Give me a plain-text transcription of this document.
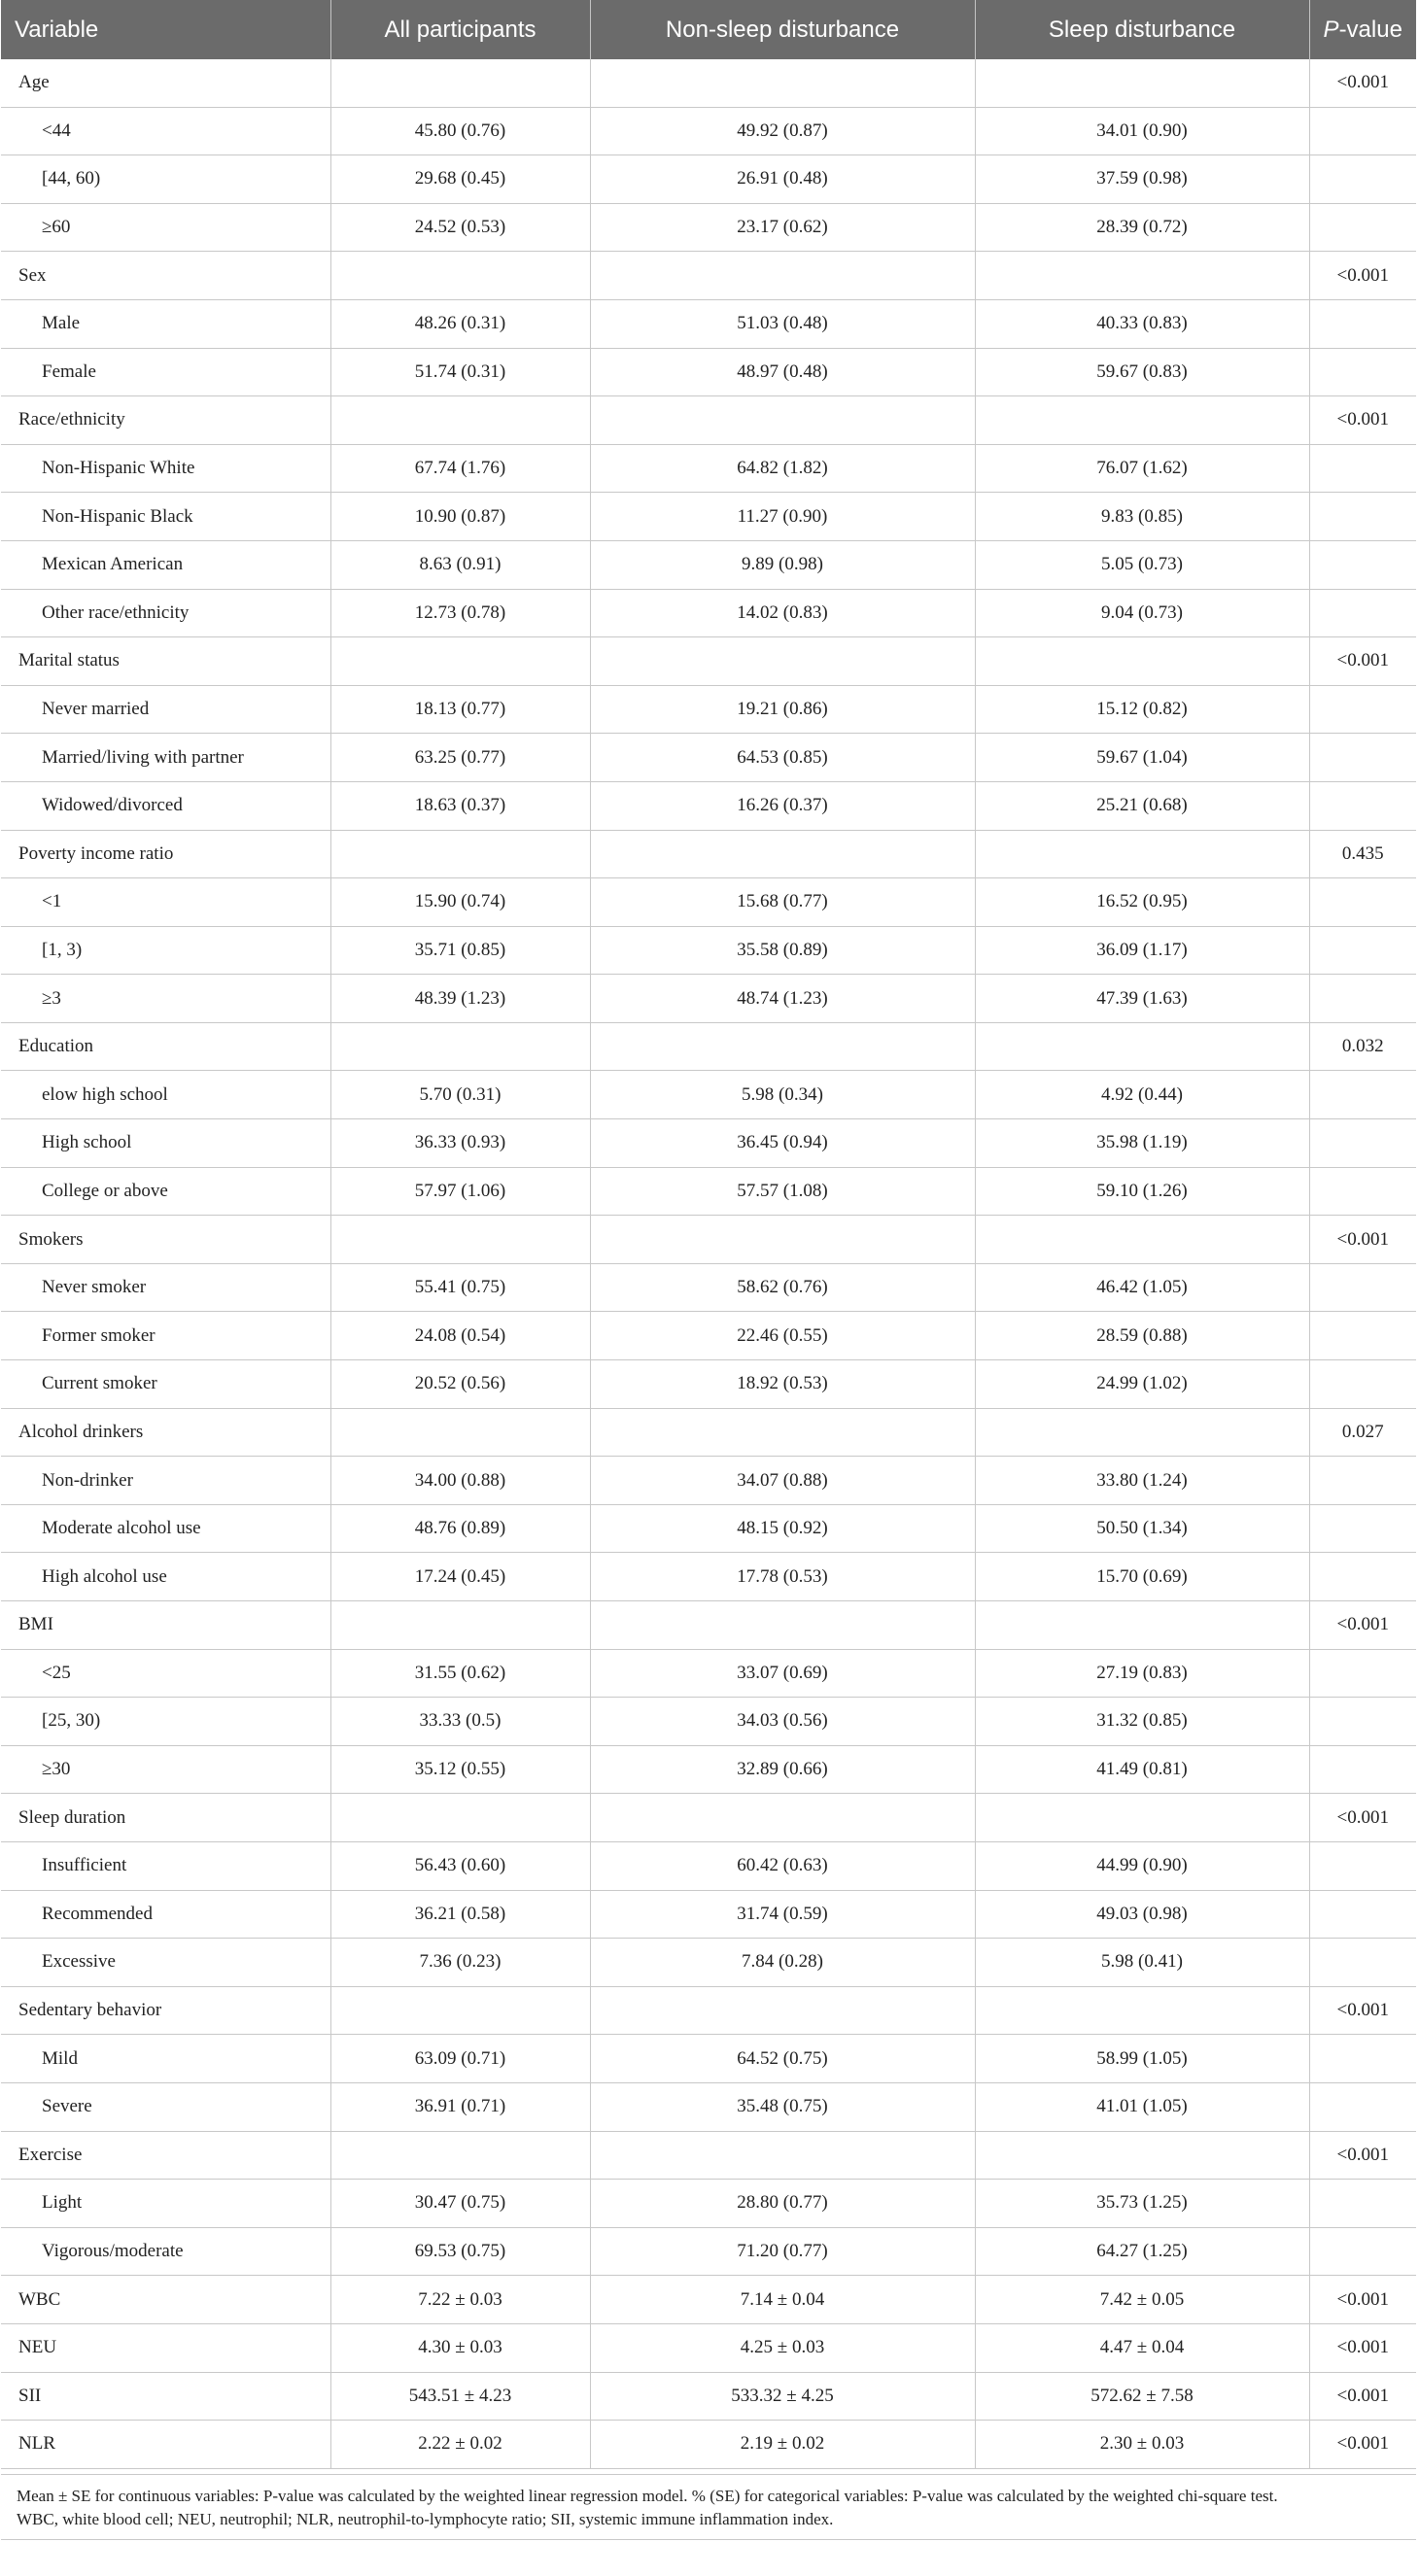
Variable	All participants	Non-sleep disturbance	Sleep disturbance	P-value
Age				<0.001
<44	45.80 (0.76)	49.92 (0.87)	34.01 (0.90)	
[44, 60)	29.68 (0.45)	26.91 (0.48)	37.59 (0.98)	
≥60	24.52 (0.53)	23.17 (0.62)	28.39 (0.72)	
Sex				<0.001
Male	48.26 (0.31)	51.03 (0.48)	40.33 (0.83)	
Female	51.74 (0.31)	48.97 (0.48)	59.67 (0.83)	
Race/ethnicity				<0.001
Non-Hispanic White	67.74 (1.76)	64.82 (1.82)	76.07 (1.62)	
Non-Hispanic Black	10.90 (0.87)	11.27 (0.90)	9.83 (0.85)	
Mexican American	8.63 (0.91)	9.89 (0.98)	5.05 (0.73)	
Other race/ethnicity	12.73 (0.78)	14.02 (0.83)	9.04 (0.73)	
Marital status				<0.001
Never married	18.13 (0.77)	19.21 (0.86)	15.12 (0.82)	
Married/living with partner	63.25 (0.77)	64.53 (0.85)	59.67 (1.04)	
Widowed/divorced	18.63 (0.37)	16.26 (0.37)	25.21 (0.68)	
Poverty income ratio				0.435
<1	15.90 (0.74)	15.68 (0.77)	16.52 (0.95)	
[1, 3)	35.71 (0.85)	35.58 (0.89)	36.09 (1.17)	
≥3	48.39 (1.23)	48.74 (1.23)	47.39 (1.63)	
Education				0.032
elow high school	5.70 (0.31)	5.98 (0.34)	4.92 (0.44)	
High school	36.33 (0.93)	36.45 (0.94)	35.98 (1.19)	
College or above	57.97 (1.06)	57.57 (1.08)	59.10 (1.26)	
Smokers				<0.001
Never smoker	55.41 (0.75)	58.62 (0.76)	46.42 (1.05)	
Former smoker	24.08 (0.54)	22.46 (0.55)	28.59 (0.88)	
Current smoker	20.52 (0.56)	18.92 (0.53)	24.99 (1.02)	
Alcohol drinkers				0.027
Non-drinker	34.00 (0.88)	34.07 (0.88)	33.80 (1.24)	
Moderate alcohol use	48.76 (0.89)	48.15 (0.92)	50.50 (1.34)	
High alcohol use	17.24 (0.45)	17.78 (0.53)	15.70 (0.69)	
BMI				<0.001
<25	31.55 (0.62)	33.07 (0.69)	27.19 (0.83)	
[25, 30)	33.33 (0.5)	34.03 (0.56)	31.32 (0.85)	
≥30	35.12 (0.55)	32.89 (0.66)	41.49 (0.81)	
Sleep duration				<0.001
Insufficient	56.43 (0.60)	60.42 (0.63)	44.99 (0.90)	
Recommended	36.21 (0.58)	31.74 (0.59)	49.03 (0.98)	
Excessive	7.36 (0.23)	7.84 (0.28)	5.98 (0.41)	
Sedentary behavior				<0.001
Mild	63.09 (0.71)	64.52 (0.75)	58.99 (1.05)	
Severe	36.91 (0.71)	35.48 (0.75)	41.01 (1.05)	
Exercise				<0.001
Light	30.47 (0.75)	28.80 (0.77)	35.73 (1.25)	
Vigorous/moderate	69.53 (0.75)	71.20 (0.77)	64.27 (1.25)	
WBC	7.22 ± 0.03	7.14 ± 0.04	7.42 ± 0.05	<0.001
NEU	4.30 ± 0.03	4.25 ± 0.03	4.47 ± 0.04	<0.001
SII	543.51 ± 4.23	533.32 ± 4.25	572.62 ± 7.58	<0.001
NLR	2.22 ± 0.02	2.19 ± 0.02	2.30 ± 0.03	<0.001

Mean ± SE for continuous variables: P-value was calculated by the weighted linear regression model. % (SE) for categorical variables: P-value was calculated by the weighted chi-square test.

WBC, white blood cell; NEU, neutrophil; NLR, neutrophil-to-lymphocyte ratio; SII, systemic immune inflammation index.
